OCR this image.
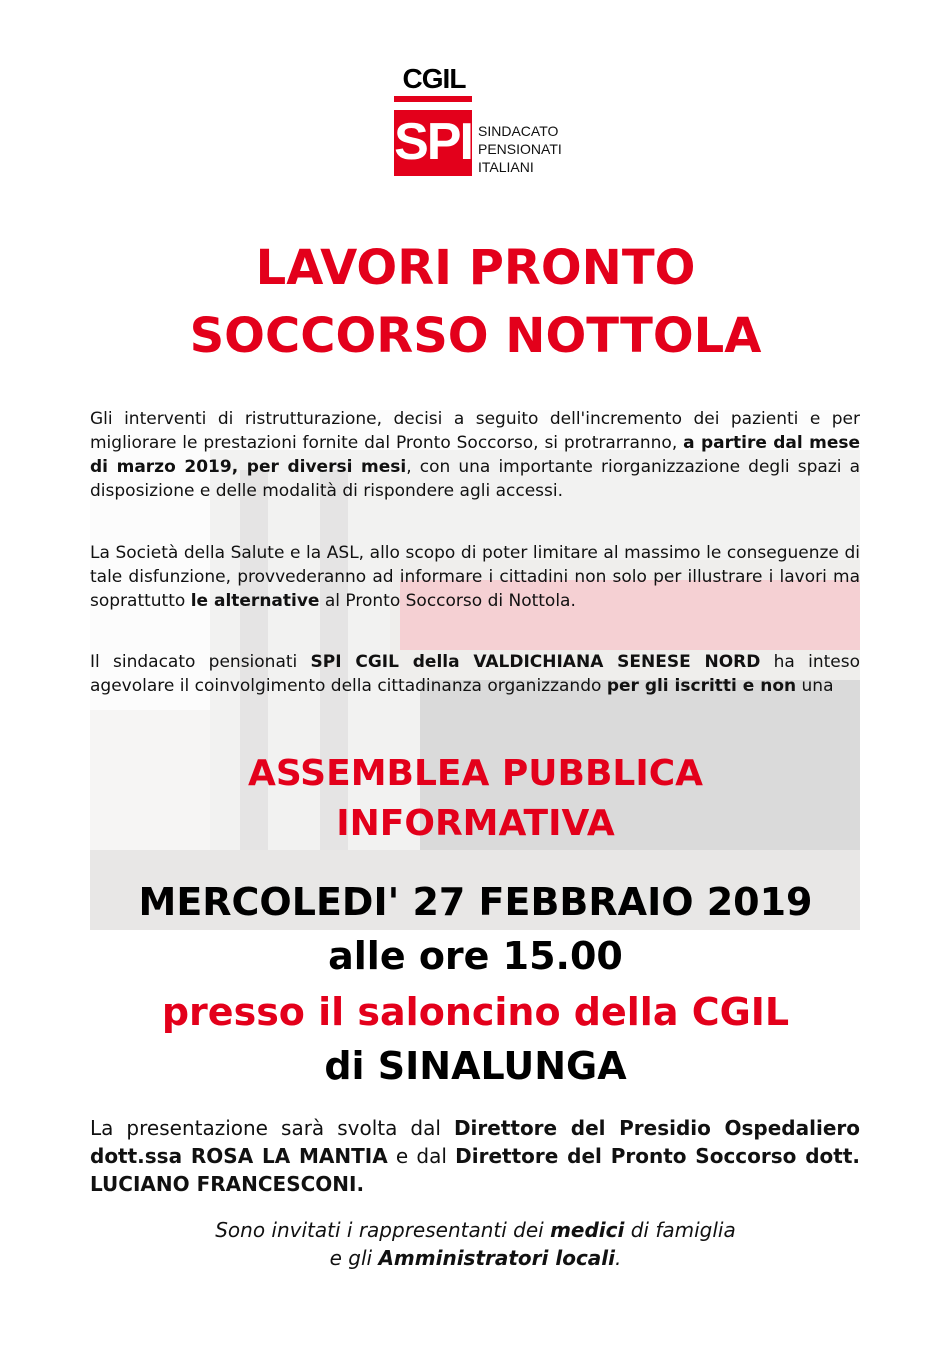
CGIL
SPI SINDACATO
PENSIONATI
ITALIANI
LAVORI PRONTO
SOCCORSO NOTTOLA
Gli interventi di ristrutturazione, decisi a seguito dell'incremento dei pazienti e per migliorare le prestazioni fornite dal Pronto Soccorso, si protrarranno, a partire dal mese di marzo 2019, per diversi mesi, con una importante riorganizzazione degli spazi a disposizione e delle modalità di rispondere agli accessi.
La Società della Salute e la ASL, allo scopo di poter limitare al massimo le conseguenze di tale disfunzione, provvederanno ad informare i cittadini non solo per illustrare i lavori ma soprattutto le alternative al Pronto Soccorso di Nottola.
Il sindacato pensionati SPI CGIL della VALDICHIANA SENESE NORD ha inteso agevolare il coinvolgimento della cittadinanza organizzando per gli iscritti e non una
ASSEMBLEA PUBBLICA
INFORMATIVA
MERCOLEDI' 27 FEBBRAIO 2019
alle ore 15.00
presso il saloncino della CGIL
di SINALUNGA
La presentazione sarà svolta dal Direttore del Presidio Ospedaliero dott.ssa ROSA LA MANTIA e dal Direttore del Pronto Soccorso dott. LUCIANO FRANCESCONI.
Sono invitati i rappresentanti dei medici di famiglia
e gli Amministratori locali.
